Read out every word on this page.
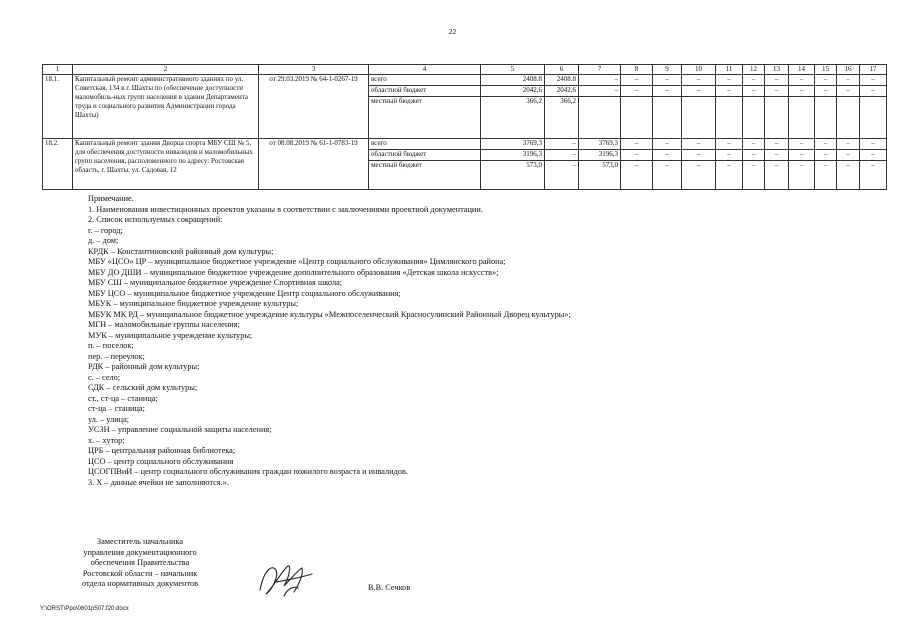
22
1	2	3	4	5	6	7	8	9	10	11	12	13	14	15	16	17
18.1.	Капитальный ремонт административного зданиях по ул. Советская, 134 в г. Шахты по (обеспечение доступности маломобиль-ных групп населения в здании Департамента труда и социального развития Администрации города Шахты)	от 29.03.2019 № 64-1-0267-19	всего	2408.8	2408.8	–	–	–	–	–	–	–	–	–	–	–
			областной бюджет	2042,6	2042,6	–	–	–	–	–	–	–	–	–	–	–
			местный бюджет	366,2	366,2											
18.2.	Капитальный ремонт здания Дворца спорта МБУ СШ № 5, для обеспечения доступности инвалидов и маломобильных групп населения, расположенного по адресу: Ростовская область, г. Шахты, ул. Садовая, 12	от 08.08.2019 № 61-1-0783-19	всего	3769,3	–	3769,3	–	–	–	–	–	–	–	–	–	–
			областной бюджет	3196,3	–	3196,3	–	–	–	–	–	–	–	–	–	–
			местный бюджет	573,0	–	573,0	–	–	–	–	–	–	–	–	–	–
Примечание.
1. Наименования инвестиционных проектов указаны в соответствии с заключениями проектной документации.
2. Список используемых сокращений:
г. – город;
д. – дом;
КРДК – Константиновский районный дом культуры;
МБУ «ЦСО» ЦР – муниципальное бюджетное учреждение «Центр социального обслуживания» Цимлянского района;
МБУ ДО ДШИ – муниципальное бюджетное учреждение дополнительного образования «Детская школа искусств»;
МБУ СШ – муниципальное бюджетное учреждение Спортивная школа;
МБУ ЦСО – муниципальное бюджетное учреждение Центр социального обслуживания;
МБУК – муниципальное бюджетное учреждение культуры;
МБУК МК РД – муниципальное бюджетное учреждение культуры «Межпоселенческий Красносулинский Районный Дворец культуры»;
МГН – маломобильные группы населения;
МУК – муниципальное учреждение культуры;
п. – поселок;
пер. – переулок;
РДК – районный дом культуры;
с. – село;
СДК – сельский дом культуры;
ст., ст-ца – станица;
ст-ца – станица;
ул. – улица;
УСЗН – управление социальной защиты населения;
х. – хутор;
ЦРБ – центральная районная библиотека;
ЦСО – центр социального обслуживания
ЦСОГПВиИ – центр социального обслуживания граждан пожилого возраста и инвалидов.
3. Х – данные ячейки не заполняются.».
Заместитель начальника
управления документационного
обеспечения Правительства
Ростовской области – начальник
отдела нормативных документов	В.В. Сечков
Y:\ORST\Ppo\0601p507.f20.docx
